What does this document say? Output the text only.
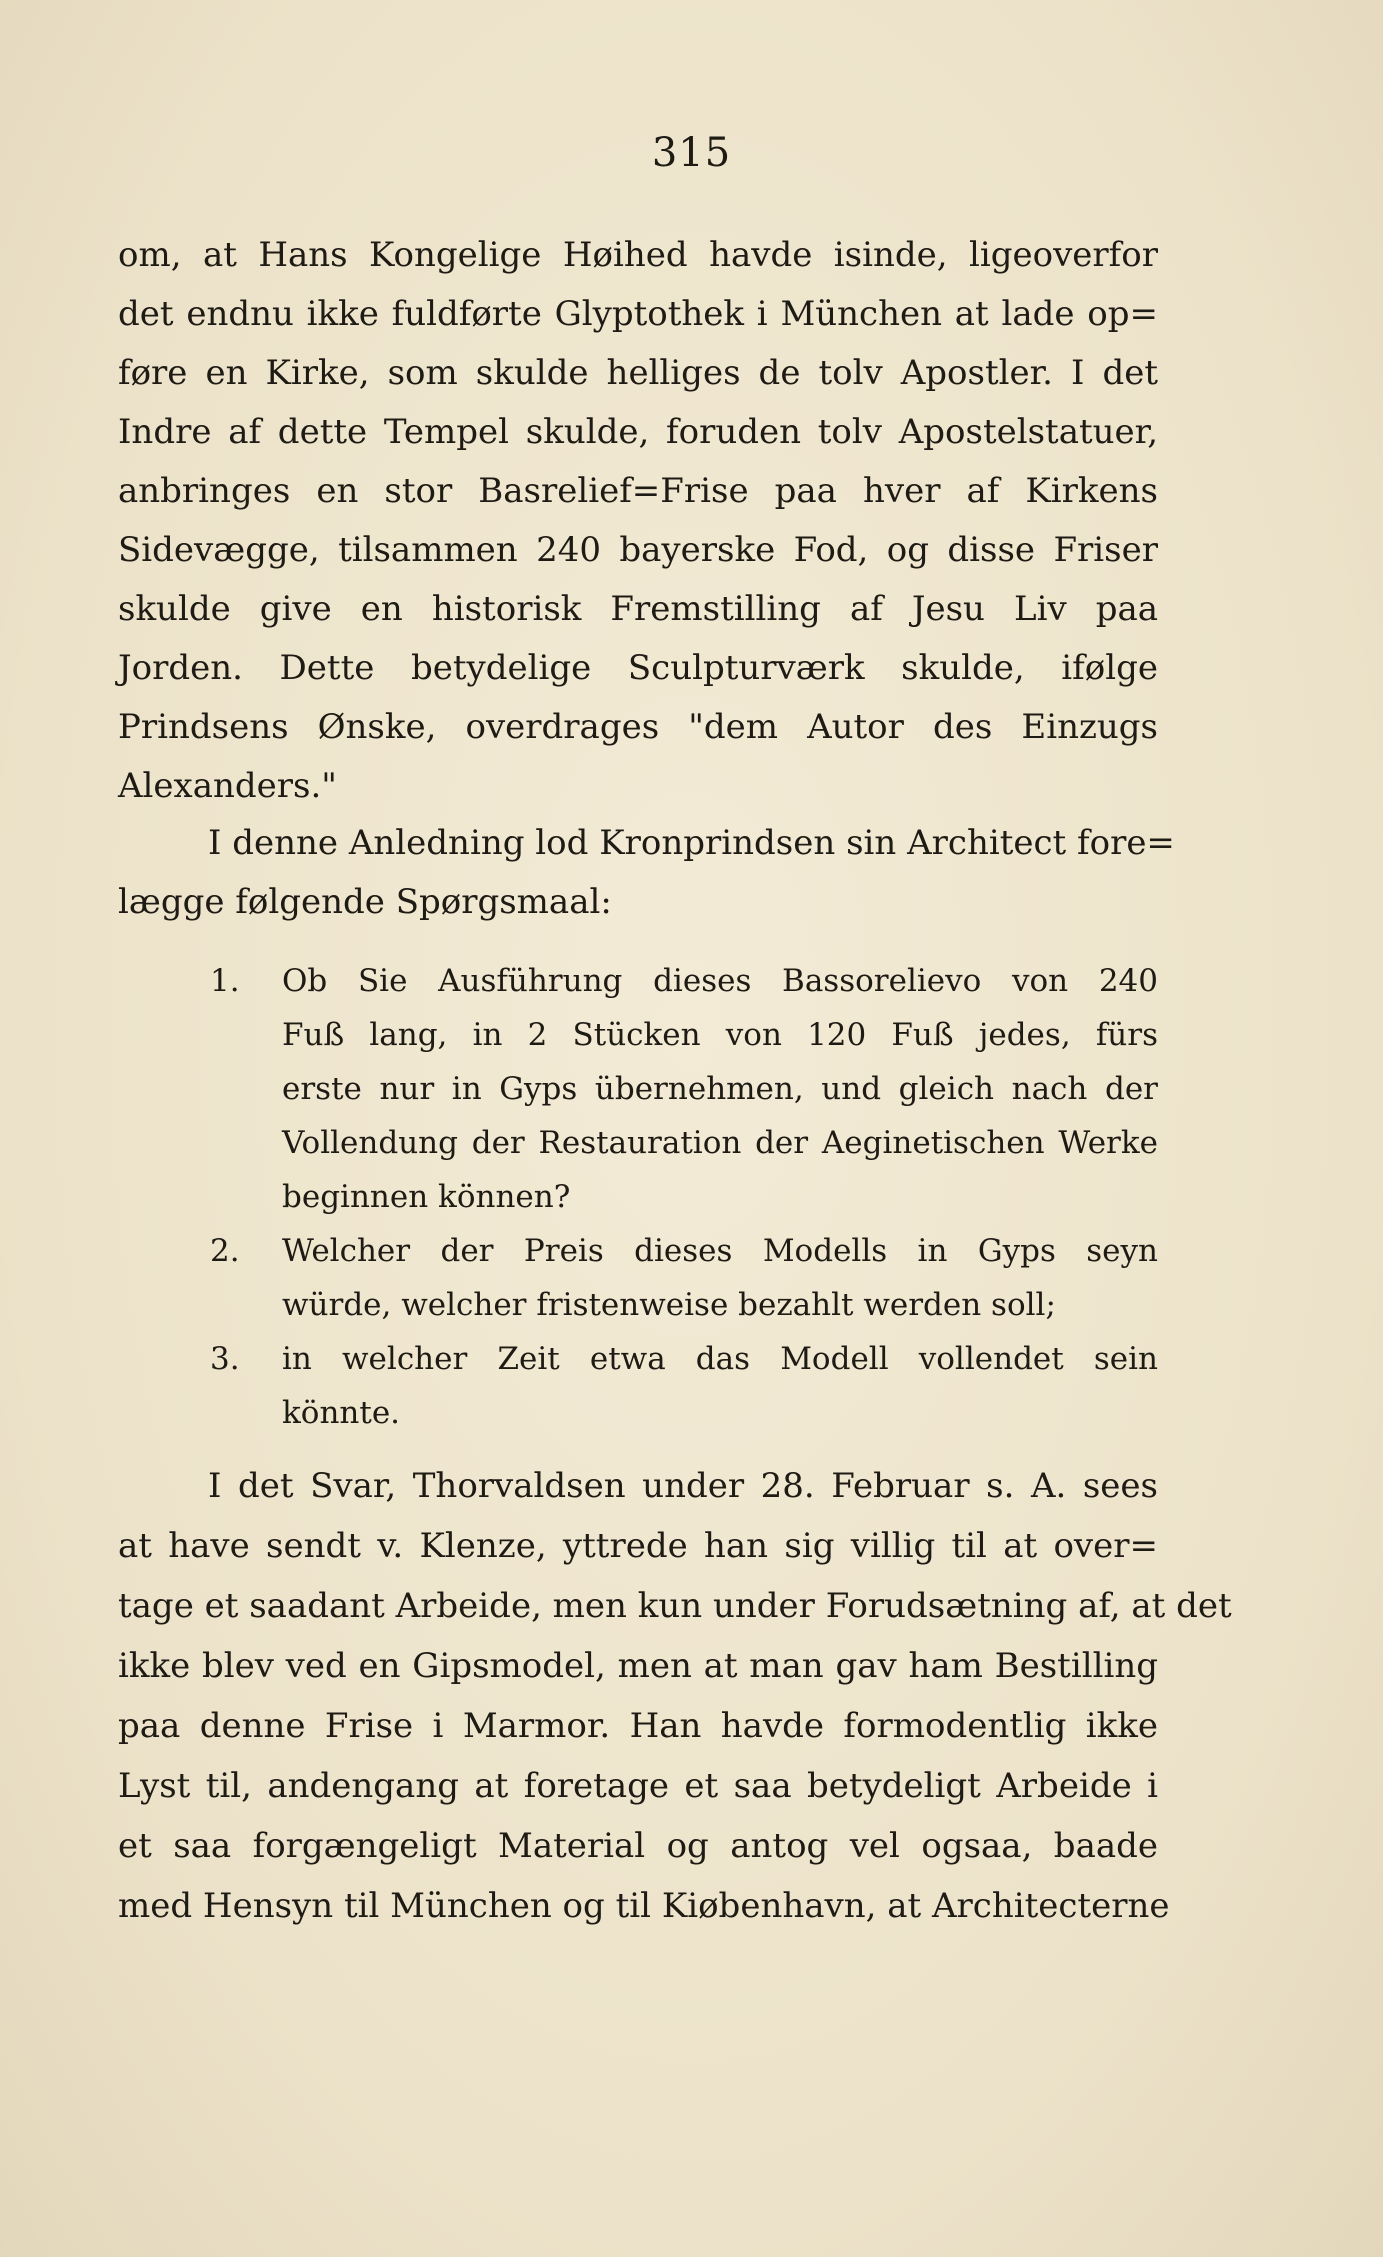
315
om, at Hans Kongelige Høihed havde isinde, ligeoverfor
det endnu ikke fuldførte Glyptothek i München at lade op=
føre en Kirke, som skulde helliges de tolv Apostler. I det
Indre af dette Tempel skulde, foruden tolv Apostelstatuer,
anbringes en stor Basrelief=Frise paa hver af Kirkens
Sidevægge, tilsammen 240 bayerske Fod, og disse Friser
skulde give en historisk Fremstilling af Jesu Liv paa
Jorden. Dette betydelige Sculpturværk skulde, ifølge
Prindsens Ønske, overdrages "dem Autor des Einzugs
Alexanders."
I denne Anledning lod Kronprindsen sin Architect fore=
lægge følgende Spørgsmaal:
1.	Ob Sie Ausführung dieses Bassorelievo von 240
Fuß lang, in 2 Stücken von 120 Fuß jedes, fürs
erste nur in Gyps übernehmen, und gleich nach der
Vollendung der Restauration der Aeginetischen Werke
beginnen können?
2.	Welcher der Preis dieses Modells in Gyps seyn
würde, welcher fristenweise bezahlt werden soll;
3.	in welcher Zeit etwa das Modell vollendet sein
könnte.
I det Svar, Thorvaldsen under 28. Februar s. A. sees
at have sendt v. Klenze, yttrede han sig villig til at over=
tage et saadant Arbeide, men kun under Forudsætning af, at det
ikke blev ved en Gipsmodel, men at man gav ham Bestilling
paa denne Frise i Marmor. Han havde formodentlig ikke
Lyst til, andengang at foretage et saa betydeligt Arbeide i
et saa forgængeligt Material og antog vel ogsaa, baade
med Hensyn til München og til Kiøbenhavn, at Architecterne
